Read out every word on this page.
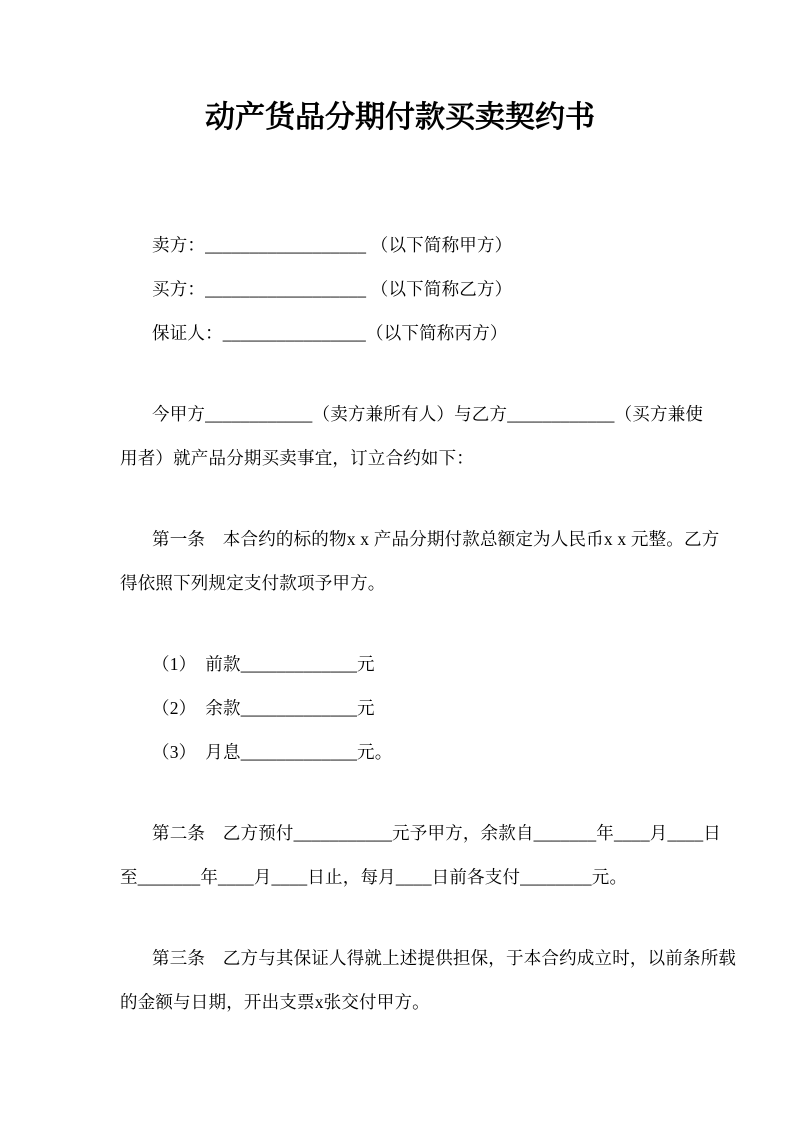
动产货品分期付款买卖契约书
卖方：__________________ （以下简称甲方）
买方：__________________ （以下简称乙方）
保证人：________________（以下简称丙方）
今甲方____________（卖方兼所有人）与乙方____________（买方兼使
用者）就产品分期买卖事宜，订立合约如下：
第一条　本合约的标的物x x 产品分期付款总额定为人民币x x 元整。乙方
得依照下列规定支付款项予甲方。
（1）　前款_____________元
（2）　余款_____________元
（3）　月息_____________元。
第二条　乙方预付___________元予甲方，余款自_______年____月____日
至_______年____月____日止，每月____日前各支付________元。
第三条　乙方与其保证人得就上述提供担保，于本合约成立时，以前条所载
的金额与日期，开出支票x张交付甲方。
